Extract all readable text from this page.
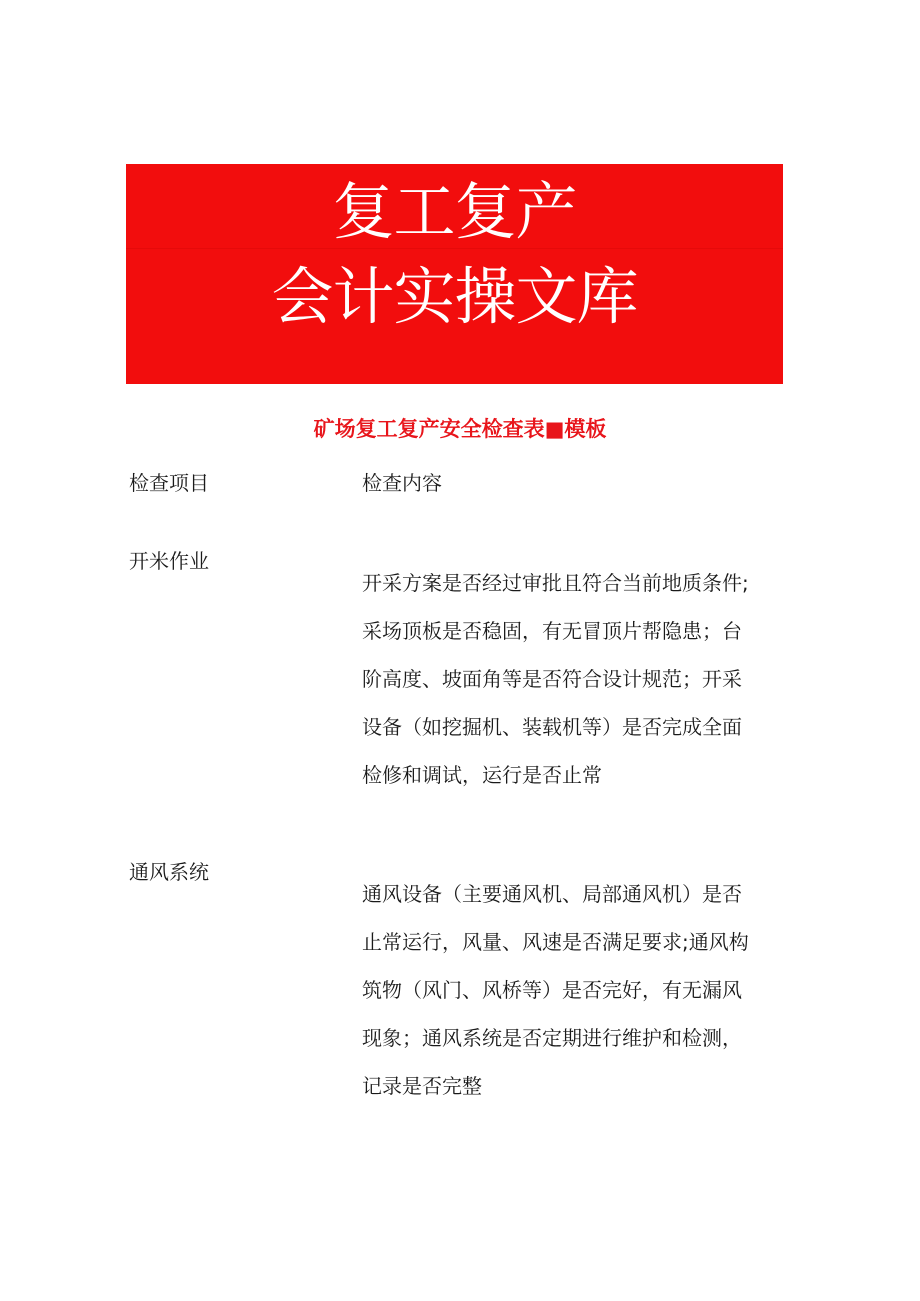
复工复产
会计实操文库
矿场复工复产安全检查表■模板
检查项目	检查内容
开米作业
开采方案是否经过审批且符合当前地质条件;
采场顶板是否稳固，有无冒顶片帮隐患；台
阶高度、坡面角等是否符合设计规范；开采
设备（如挖掘机、装载机等）是否完成全面
检修和调试，运行是否止常
通风系统
通风设备（主要通风机、局部通风机）是否
止常运行，风量、风速是否满足要求;通风构
筑物（风门、风桥等）是否完好，有无漏风
现象；通风系统是否定期进行维护和检测，
记录是否完整
